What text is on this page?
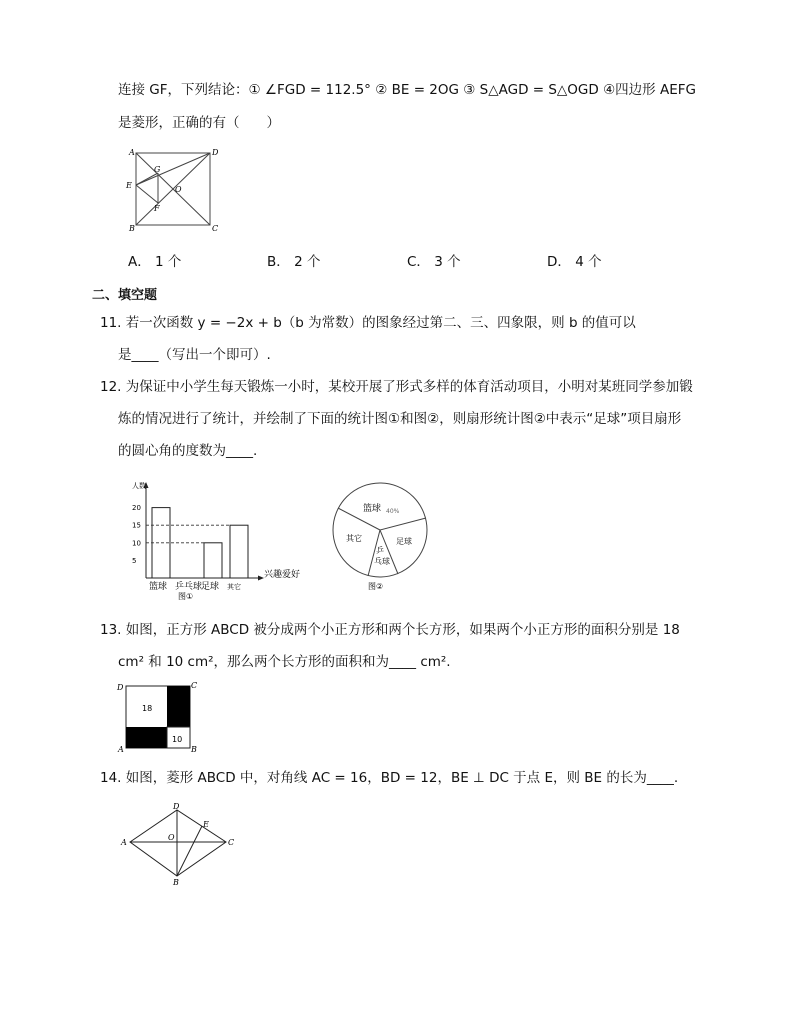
连接 GF，下列结论：① ∠FGD = 112.5° ② BE = 2OG ③ S△AGD = S△OGD ④四边形 AEFG
是菱形，正确的有（　　）
A	D
E
G
O
F
B	C
A． 1 个	B． 2 个	C． 3 个	D． 4 个
二、填空题
11. 若一次函数 y = −2x + b（b 为常数）的图象经过第二、三、四象限，则 b 的值可以
是____（写出一个即可）.
12. 为保证中小学生每天锻炼一小时，某校开展了形式多样的体育活动项目，小明对某班同学参加锻
炼的情况进行了统计，并绘制了下面的统计图①和图②，则扇形统计图②中表示“足球”项目扇形
的圆心角的度数为____.
人数
兴趣爱好
5
10
15
20
篮球 乒乓球
足球 其它
图①
篮球 40%
足球
其它
乒
乓球
图②
13. 如图，正方形 ABCD 被分成两个小正方形和两个长方形，如果两个小正方形的面积分别是 18
cm² 和 10 cm²，那么两个长方形的面积和为____ cm².
18
10
D	C
A	B
14. 如图，菱形 ABCD 中，对角线 AC = 16，BD = 12，BE ⊥ DC 于点 E，则 BE 的长为____.
D
E
O
A	C
B
